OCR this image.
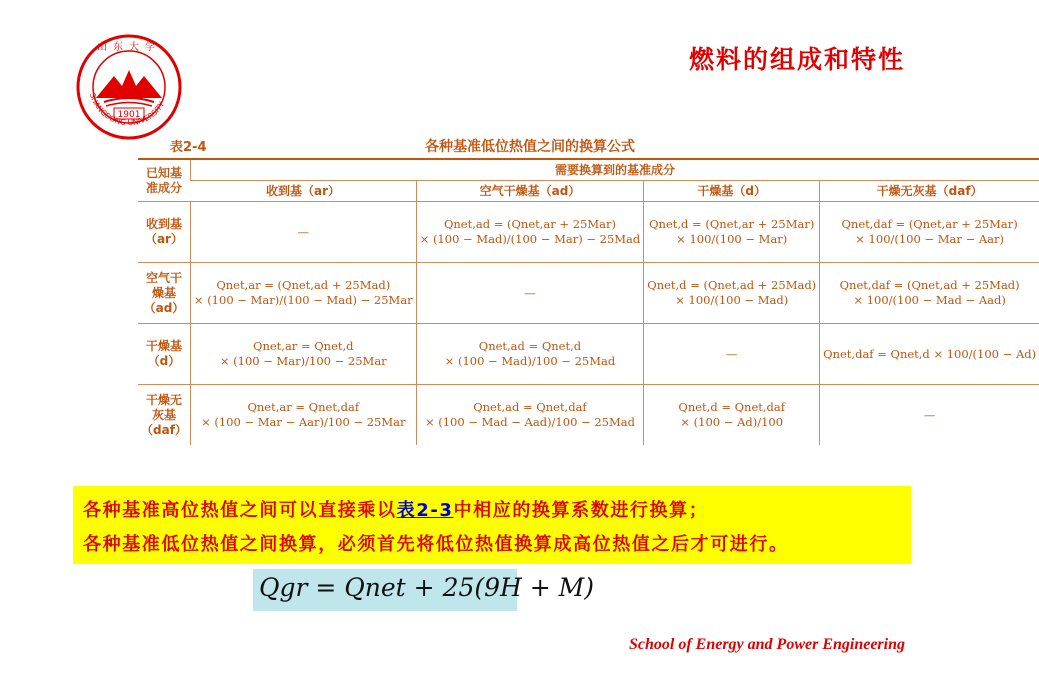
1901
山东大学
SHANGDONG UNIVERSITY
燃料的组成和特性
表2-4	各种基准低位热值之间的换算公式
已知基准成分	需要换算到的基准成分			
	收到基（ar）	空气干燥基（ad）	干燥基（d）	干燥无灰基（daf）
收到基（ar）	—	Qnet,ad = (Qnet,ar + 25Mar)
× (100 − Mad)/(100 − Mar) − 25Mad	Qnet,d = (Qnet,ar + 25Mar)
× 100/(100 − Mar)	Qnet,daf = (Qnet,ar + 25Mar)
× 100/(100 − Mar − Aar)

空气干燥基（ad）	Qnet,ar = (Qnet,ad + 25Mad)
× (100 − Mar)/(100 − Mad) − 25Mar	—	Qnet,d = (Qnet,ad + 25Mad)
× 100/(100 − Mad)	Qnet,daf = (Qnet,ad + 25Mad)
× 100/(100 − Mad − Aad)

干燥基（d）	Qnet,ar = Qnet,d
× (100 − Mar)/100 − 25Mar	Qnet,ad = Qnet,d
× (100 − Mad)/100 − 25Mad	—	Qnet,daf = Qnet,d × 100/(100 − Ad)

干燥无灰基（daf）	Qnet,ar = Qnet,daf
× (100 − Mar − Aar)/100 − 25Mar	Qnet,ad = Qnet,daf
× (100 − Mad − Aad)/100 − 25Mad	Qnet,d = Qnet,daf
× (100 − Ad)/100	—
各种基准高位热值之间可以直接乘以表2-3中相应的换算系数进行换算；
各种基准低位热值之间换算，必须首先将低位热值换算成高位热值之后才可进行。
Qgr = Qnet + 25(9H + M)
School of Energy and Power Engineering
